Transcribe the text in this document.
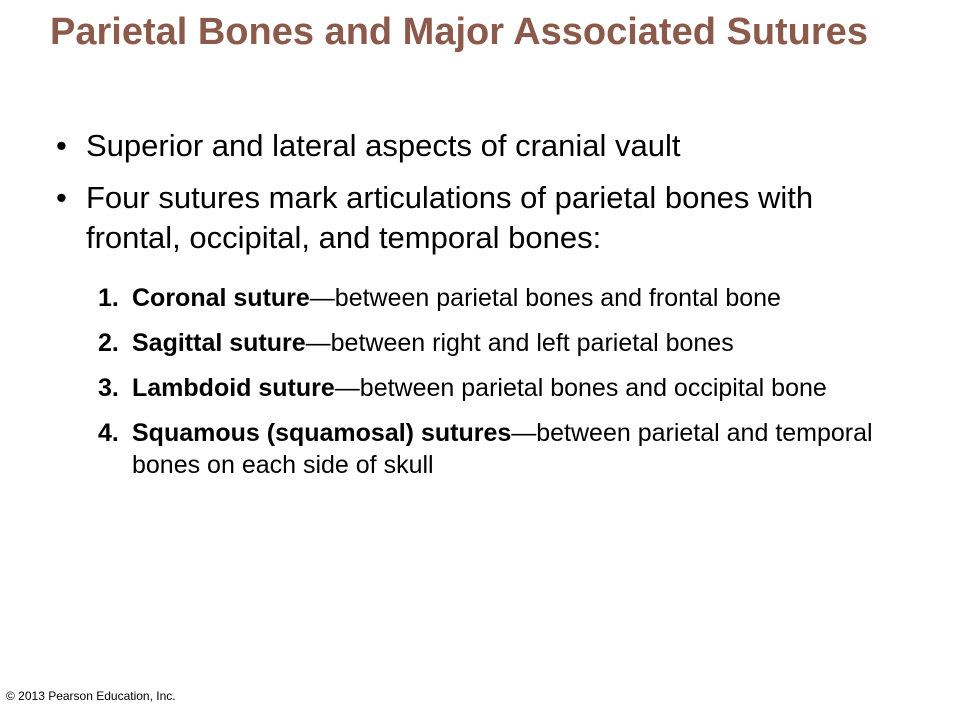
Parietal Bones and Major Associated Sutures
• Superior and lateral aspects of cranial vault
• Four sutures mark articulations of parietal bones with frontal, occipital, and temporal bones:
1. Coronal suture—between parietal bones and frontal bone
2. Sagittal suture—between right and left parietal bones
3. Lambdoid suture—between parietal bones and occipital bone
4. Squamous (squamosal) sutures—between parietal and temporal bones on each side of skull
© 2013 Pearson Education, Inc.
